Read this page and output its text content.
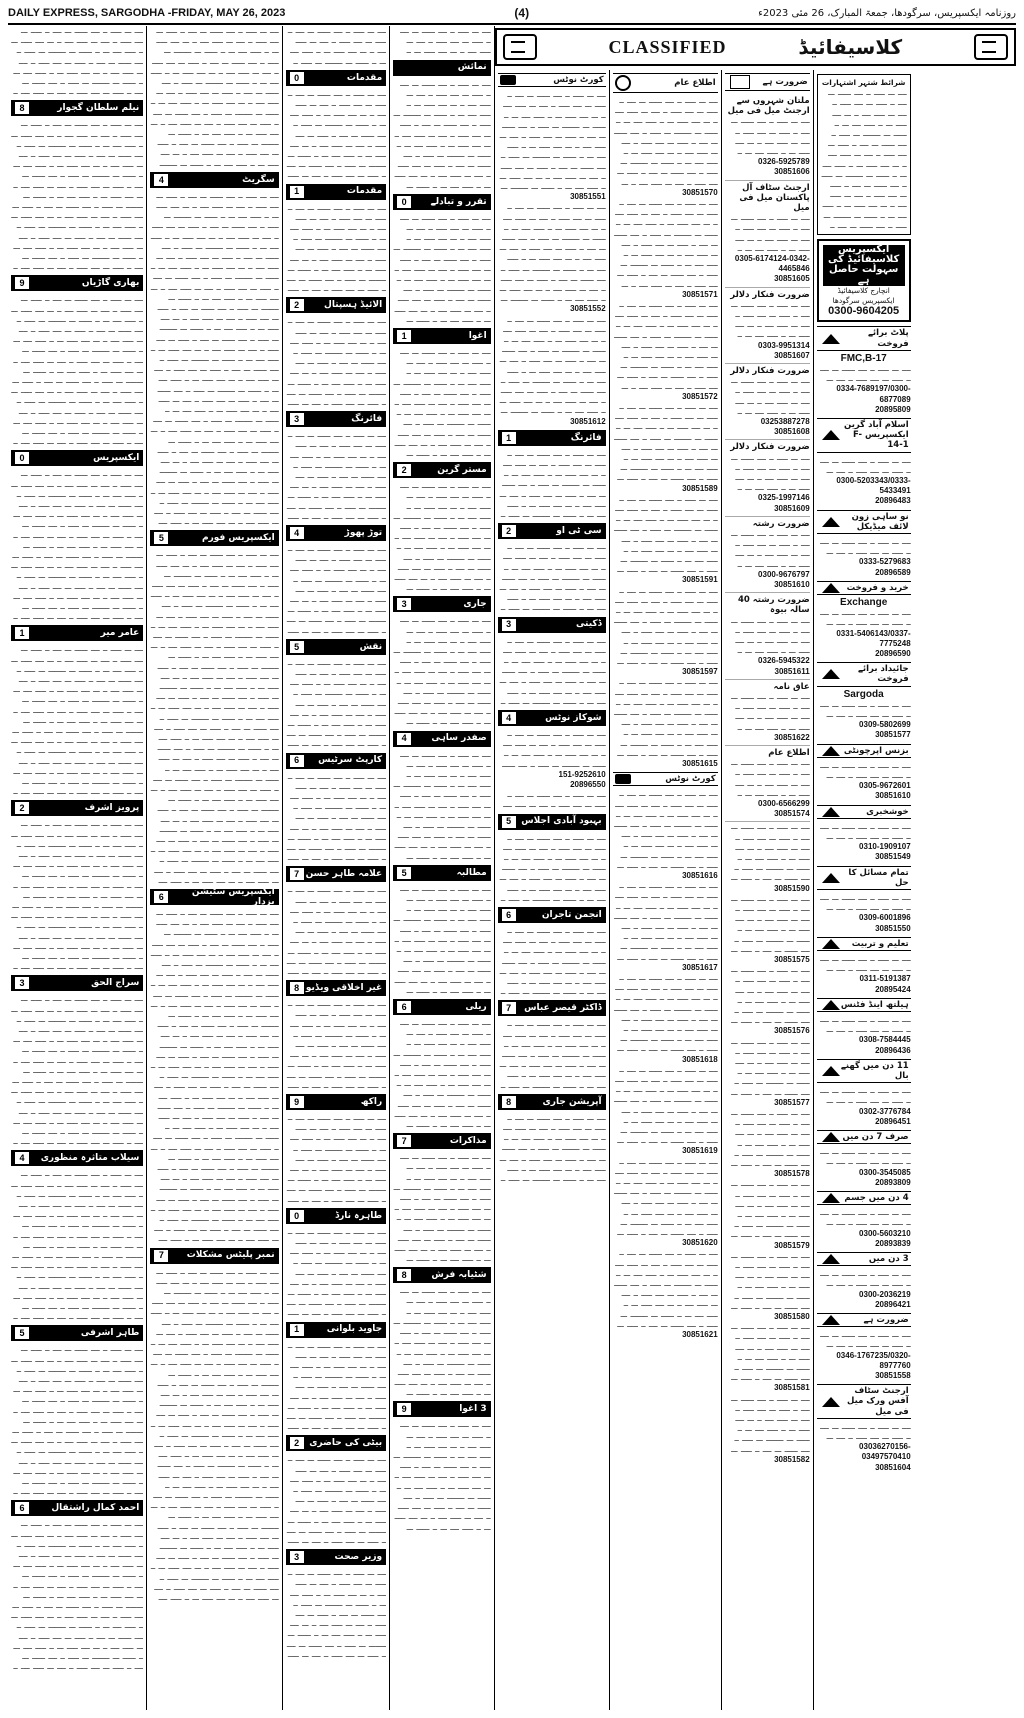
DAILY EXPRESS, SARGODHA -FRIDAY, MAY 26, 2023	(4)	روزنامہ ایکسپریس، سرگودھا، جمعۃ المبارک، 26 مئی 2023ء
ــــ ـــ ـــــ ــ ــــ ــــــ ـــ ــــ ــ ـــــ ـــ ــــ ـــــ ــ ــــ ـــ ـــــ ــــ ــ ـــ ــــ ـــــ ـــ ــ ـــــ ــــ ـــ ــ ــــــ ـــ ــــــــ ـــ ـــــ ــ ــــ ــــــ ـــ ــــ ــ ـــــ ـــ ــــ ـــــ ــ ــــ ـــ ـــــ ــــ ــ ـــ ــــ ـــــ ـــ ــ ـــــ ــــ ـــ ــ ــــــ ـــ ــــــــ ـــ ـــــ ــ ــــ ــــــ ـــ ــــ ــ ـــــ ـــ ــــ ـــــ ــ ــــ ـــ ـــــ ــــ ــ
نیلم سلطان گجوار
8
ــــ ـــ ـــــ ــ ــــ ــــــ ـــ ــــ ــ ـــــ ـــ ــــ ـــــ ــ ــــ ـــ ـــــ ــــ ــ ـــ ــــ ـــــ ـــ ــ ـــــ ــــ ـــ ــ ــــــ ـــ ــــــــ ـــ ـــــ ــ ــــ ــــــ ـــ ــــ ــ ـــــ ـــ ــــ ـــــ ــ ــــ ـــ ـــــ ــــ ــ ـــ ــــ ـــــ ـــ ــ ـــــ ــــ ـــ ــ ــــــ ـــ ــــــــ ـــ ـــــ ــ ــــ ــــــ ـــ ــــ ــ ـــــ ـــ ــــ ـــــ ــ ــــ ـــ ـــــ ــــ ــ ـــ ــــ ـــــ ـــ ــ ـــــ ــــ ـــ ــ ــــــ ـــ ــــــــ ـــ ـــــ ــ ــــ ــــــ ـــ ــــ ــ ـــــ ـــ ــــ ـــــ ــ ــــ ـــ ـــــ ــــ ــ ـــ ــــ ـــــ ـــ ــ ـــــ ــــ ـــ ــ ــــــ ـــ ــــــــ ـــ ـــــ ــ ــــ ــــــ ـــ ــــ ــ ـــــ ـــ ــــ ـــــ ــ ــــ ـــ ـــــ ــــ ــ ـــ ــــ ـــــ ـــ ــ ـــــ ــــ ـــ ــ ــــــ ـــ ــــــــ ـــ ـــــ ــ ــــ ــــــ ـــ ــــ ــ ـــــ ـــ ــــ ـــــ ــ ــــ ـــ ـــــ ــــ ــ
بھاری گاڑیاں
9
ــــ ـــ ـــــ ــ ــــ ــــــ ـــ ــــ ــ ـــــ ـــ ــــ ـــــ ــ ــــ ـــ ـــــ ــــ ــ ـــ ــــ ـــــ ـــ ــ ـــــ ــــ ـــ ــ ــــــ ـــ ــــــــ ـــ ـــــ ــ ــــ ــــــ ـــ ــــ ــ ـــــ ـــ ــــ ـــــ ــ ــــ ـــ ـــــ ــــ ــ ـــ ــــ ـــــ ـــ ــ ـــــ ــــ ـــ ــ ــــــ ـــ ــــــــ ـــ ـــــ ــ ــــ ــــــ ـــ ــــ ــ ـــــ ـــ ــــ ـــــ ــ ــــ ـــ ـــــ ــــ ــ ـــ ــــ ـــــ ـــ ــ ـــــ ــــ ـــ ــ ــــــ ـــ ــــــــ ـــ ـــــ ــ ــــ ــــــ ـــ ــــ ــ ـــــ ـــ ــــ ـــــ ــ ــــ ـــ ـــــ ــــ ــ ـــ ــــ ـــــ ـــ ــ ـــــ ــــ ـــ ــ ــــــ ـــ ــــــــ ـــ ـــــ ــ ــــ ــــــ ـــ ــــ ــ ـــــ ـــ ــــ ـــــ ــ ــــ ـــ ـــــ ــــ ــ ـــ ــــ ـــــ ـــ ــ ـــــ ــــ ـــ ــ ــــــ ـــ ــــــــ ـــ ـــــ ــ ــــ ــــــ ـــ ــــ ــ ـــــ ـــ ــــ ـــــ ــ ــــ ـــ ـــــ ــــ ــ
ایکسپریس
0
ــــ ـــ ـــــ ــ ــــ ــــــ ـــ ــــ ــ ـــــ ـــ ــــ ـــــ ــ ــــ ـــ ـــــ ــــ ــ ـــ ــــ ـــــ ـــ ــ ـــــ ــــ ـــ ــ ــــــ ـــ ــــــــ ـــ ـــــ ــ ــــ ــــــ ـــ ــــ ــ ـــــ ـــ ــــ ـــــ ــ ــــ ـــ ـــــ ــــ ــ ـــ ــــ ـــــ ـــ ــ ـــــ ــــ ـــ ــ ــــــ ـــ ــــــــ ـــ ـــــ ــ ــــ ــــــ ـــ ــــ ــ ـــــ ـــ ــــ ـــــ ــ ــــ ـــ ـــــ ــــ ــ ـــ ــــ ـــــ ـــ ــ ـــــ ــــ ـــ ــ ــــــ ـــ ــــــــ ـــ ـــــ ــ ــــ ــــــ ـــ ــــ ــ ـــــ ـــ ــــ ـــــ ــ ــــ ـــ ـــــ ــــ ــ ـــ ــــ ـــــ ـــ ــ ـــــ ــــ ـــ ــ ــــــ ـــ ــــــــ ـــ ـــــ ــ ــــ ــــــ ـــ ــــ ــ ـــــ ـــ ــــ ـــــ ــ ــــ ـــ ـــــ ــــ ــ ـــ ــــ ـــــ ـــ ــ ـــــ ــــ ـــ ــ ــــــ ـــ ــــــــ ـــ ـــــ ــ ــــ ــــــ ـــ ــــ ــ ـــــ ـــ ــــ ـــــ ــ ــــ ـــ ـــــ ــــ ــ
عامر میر
1
ــــ ـــ ـــــ ــ ــــ ــــــ ـــ ــــ ــ ـــــ ـــ ــــ ـــــ ــ ــــ ـــ ـــــ ــــ ــ ـــ ــــ ـــــ ـــ ــ ـــــ ــــ ـــ ــ ــــــ ـــ ــــــــ ـــ ـــــ ــ ــــ ــــــ ـــ ــــ ــ ـــــ ـــ ــــ ـــــ ــ ــــ ـــ ـــــ ــــ ــ ـــ ــــ ـــــ ـــ ــ ـــــ ــــ ـــ ــ ــــــ ـــ ــــــــ ـــ ـــــ ــ ــــ ــــــ ـــ ــــ ــ ـــــ ـــ ــــ ـــــ ــ ــــ ـــ ـــــ ــــ ــ ـــ ــــ ـــــ ـــ ــ ـــــ ــــ ـــ ــ ــــــ ـــ ــــــــ ـــ ـــــ ــ ــــ ــــــ ـــ ــــ ــ ـــــ ـــ ــــ ـــــ ــ ــــ ـــ ـــــ ــــ ــ ـــ ــــ ـــــ ـــ ــ ـــــ ــــ ـــ ــ ــــــ ـــ ــــــــ ـــ ـــــ ــ ــــ ــــــ ـــ ــــ ــ ـــــ ـــ ــــ ـــــ ــ ــــ ـــ ـــــ ــــ ــ ـــ ــــ ـــــ ـــ ــ ـــــ ــــ ـــ ــ ــــــ ـــ ــــــــ ـــ ـــــ ــ ــــ ــــــ ـــ ــــ ــ ـــــ ـــ ــــ ـــــ ــ ــــ ـــ ـــــ ــــ ــ
پرویز اشرف
2
ــــ ـــ ـــــ ــ ــــ ــــــ ـــ ــــ ــ ـــــ ـــ ــــ ـــــ ــ ــــ ـــ ـــــ ــــ ــ ـــ ــــ ـــــ ـــ ــ ـــــ ــــ ـــ ــ ــــــ ـــ ــــــــ ـــ ـــــ ــ ــــ ــــــ ـــ ــــ ــ ـــــ ـــ ــــ ـــــ ــ ــــ ـــ ـــــ ــــ ــ ـــ ــــ ـــــ ـــ ــ ـــــ ــــ ـــ ــ ــــــ ـــ ــــــــ ـــ ـــــ ــ ــــ ــــــ ـــ ــــ ــ ـــــ ـــ ــــ ـــــ ــ ــــ ـــ ـــــ ــــ ــ ـــ ــــ ـــــ ـــ ــ ـــــ ــــ ـــ ــ ــــــ ـــ ــــــــ ـــ ـــــ ــ ــــ ــــــ ـــ ــــ ــ ـــــ ـــ ــــ ـــــ ــ ــــ ـــ ـــــ ــــ ــ ـــ ــــ ـــــ ـــ ــ ـــــ ــــ ـــ ــ ــــــ ـــ ــــــــ ـــ ـــــ ــ ــــ ــــــ ـــ ــــ ــ ـــــ ـــ ــــ ـــــ ــ ــــ ـــ ـــــ ــــ ــ ـــ ــــ ـــــ ـــ ــ ـــــ ــــ ـــ ــ ــــــ ـــ ــــــــ ـــ ـــــ ــ ــــ ــــــ ـــ ــــ ــ ـــــ ـــ ــــ ـــــ ــ ــــ ـــ ـــــ ــــ ــ
سراج الحق
3
ــــ ـــ ـــــ ــ ــــ ــــــ ـــ ــــ ــ ـــــ ـــ ــــ ـــــ ــ ــــ ـــ ـــــ ــــ ــ ـــ ــــ ـــــ ـــ ــ ـــــ ــــ ـــ ــ ــــــ ـــ ــــــــ ـــ ـــــ ــ ــــ ــــــ ـــ ــــ ــ ـــــ ـــ ــــ ـــــ ــ ــــ ـــ ـــــ ــــ ــ ـــ ــــ ـــــ ـــ ــ ـــــ ــــ ـــ ــ ــــــ ـــ ــــــــ ـــ ـــــ ــ ــــ ــــــ ـــ ــــ ــ ـــــ ـــ ــــ ـــــ ــ ــــ ـــ ـــــ ــــ ــ ـــ ــــ ـــــ ـــ ــ ـــــ ــــ ـــ ــ ــــــ ـــ ــــــــ ـــ ـــــ ــ ــــ ــــــ ـــ ــــ ــ ـــــ ـــ ــــ ـــــ ــ ــــ ـــ ـــــ ــــ ــ ـــ ــــ ـــــ ـــ ــ ـــــ ــــ ـــ ــ ــــــ ـــ ــــــــ ـــ ـــــ ــ ــــ ــــــ ـــ ــــ ــ ـــــ ـــ ــــ ـــــ ــ ــــ ـــ ـــــ ــــ ــ ـــ ــــ ـــــ ـــ ــ ـــــ ــــ ـــ ــ ــــــ ـــ ــــــــ ـــ ـــــ ــ ــــ ــــــ ـــ ــــ ــ ـــــ ـــ ــــ ـــــ ــ ــــ ـــ ـــــ ــــ ــ
سیلاب متاثرہ منظوری
4
ــــ ـــ ـــــ ــ ــــ ــــــ ـــ ــــ ــ ـــــ ـــ ــــ ـــــ ــ ــــ ـــ ـــــ ــــ ــ ـــ ــــ ـــــ ـــ ــ ـــــ ــــ ـــ ــ ــــــ ـــ ــــــــ ـــ ـــــ ــ ــــ ــــــ ـــ ــــ ــ ـــــ ـــ ــــ ـــــ ــ ــــ ـــ ـــــ ــــ ــ ـــ ــــ ـــــ ـــ ــ ـــــ ــــ ـــ ــ ــــــ ـــ ــــــــ ـــ ـــــ ــ ــــ ــــــ ـــ ــــ ــ ـــــ ـــ ــــ ـــــ ــ ــــ ـــ ـــــ ــــ ــ ـــ ــــ ـــــ ـــ ــ ـــــ ــــ ـــ ــ ــــــ ـــ ــــــــ ـــ ـــــ ــ ــــ ــــــ ـــ ــــ ــ ـــــ ـــ ــــ ـــــ ــ ــــ ـــ ـــــ ــــ ــ ـــ ــــ ـــــ ـــ ــ ـــــ ــــ ـــ ــ ــــــ ـــ ــــــــ ـــ ـــــ ــ ــــ ــــــ ـــ ــــ ــ ـــــ ـــ ــــ ـــــ ــ ــــ ـــ ـــــ ــــ ــ ـــ ــــ ـــــ ـــ ــ ـــــ ــــ ـــ ــ ــــــ ـــ ــــــــ ـــ ـــــ ــ ــــ ــــــ ـــ ــــ ــ ـــــ ـــ ــــ ـــــ ــ ــــ ـــ ـــــ ــــ ــ
طاہر اشرفی
5
ــــ ـــ ـــــ ــ ــــ ــــــ ـــ ــــ ــ ـــــ ـــ ــــ ـــــ ــ ــــ ـــ ـــــ ــــ ــ ـــ ــــ ـــــ ـــ ــ ـــــ ــــ ـــ ــ ــــــ ـــ ــــــــ ـــ ـــــ ــ ــــ ــــــ ـــ ــــ ــ ـــــ ـــ ــــ ـــــ ــ ــــ ـــ ـــــ ــــ ــ ـــ ــــ ـــــ ـــ ــ ـــــ ــــ ـــ ــ ــــــ ـــ ــــــــ ـــ ـــــ ــ ــــ ــــــ ـــ ــــ ــ ـــــ ـــ ــــ ـــــ ــ ــــ ـــ ـــــ ــــ ــ ـــ ــــ ـــــ ـــ ــ ـــــ ــــ ـــ ــ ــــــ ـــ ــــــــ ـــ ـــــ ــ ــــ ــــــ ـــ ــــ ــ ـــــ ـــ ــــ ـــــ ــ ــــ ـــ ـــــ ــــ ــ ـــ ــــ ـــــ ـــ ــ ـــــ ــــ ـــ ــ ــــــ ـــ ــــــــ ـــ ـــــ ــ ــــ ــــــ ـــ ــــ ــ ـــــ ـــ ــــ ـــــ ــ ــــ ـــ ـــــ ــــ ــ ـــ ــــ ـــــ ـــ ــ ـــــ ــــ ـــ ــ ــــــ ـــ ــــــــ ـــ ـــــ ــ ــــ ــــــ ـــ ــــ ــ ـــــ ـــ ــــ ـــــ ــ ــــ ـــ ـــــ ــــ ــ
احمد کمال راشتقال
6
ــــ ـــ ـــــ ــ ــــ ــــــ ـــ ــــ ــ ـــــ ـــ ــــ ـــــ ــ ــــ ـــ ـــــ ــــ ــ ـــ ــــ ـــــ ـــ ــ ـــــ ــــ ـــ ــ ــــــ ـــ ــــــــ ـــ ـــــ ــ ــــ ــــــ ـــ ــــ ــ ـــــ ـــ ــــ ـــــ ــ ــــ ـــ ـــــ ــــ ــ ـــ ــــ ـــــ ـــ ــ ـــــ ــــ ـــ ــ ــــــ ـــ ــــــــ ـــ ـــــ ــ ــــ ــــــ ـــ ــــ ــ ـــــ ـــ ــــ ـــــ ــ ــــ ـــ ـــــ ــــ ــ ـــ ــــ ـــــ ـــ ــ ـــــ ــــ ـــ ــ ــــــ ـــ ــــــــ ـــ ـــــ ــ ــــ ــــــ ـــ ــــ ــ ـــــ ـــ ــــ ـــــ ــ ــــ ـــ ـــــ ــــ ــ ـــ ــــ ـــــ ـــ ــ ـــــ ــــ ـــ ــ ــــــ ـــ ــــــــ ـــ ـــــ ــ ــــ ــــــ ـــ ــــ ــ ـــــ ـــ ــــ ـــــ ــ ــــ ـــ ـــــ ــــ ــ ـــ ــــ ـــــ ـــ ــ ـــــ ــــ ـــ ــ ــــــ ـــ ــــــــ ـــ ـــــ ــ ــــ ــــــ ـــ ــــ ــ ـــــ ـــ ــــ ـــــ ــ ــــ ـــ ـــــ ــــ ــ
ــــ ـــ ـــــ ــ ــــ ــــــ ـــ ــــ ــ ـــــ ـــ ــــ ـــــ ــ ــــ ـــ ـــــ ــــ ــ ـــ ــــ ـــــ ـــ ــ ـــــ ــــ ـــ ــ ــــــ ـــ ــــــــ ـــ ـــــ ــ ــــ ــــــ ـــ ــــ ــ ـــــ ـــ ــــ ـــــ ــ ــــ ـــ ـــــ ــــ ــ ـــ ــــ ـــــ ـــ ــ ـــــ ــــ ـــ ــ ــــــ ـــ ــــــــ ـــ ـــــ ــ ــــ ــــــ ـــ ــــ ــ ـــــ ـــ ــــ ـــــ ــ ــــ ـــ ـــــ ــــ ــ ـــ ــــ ـــــ ـــ ــ ـــــ ــــ ـــ ــ ــــــ ـــ ــــــــ ـــ ـــــ ــ ــــ ــــــ ـــ ــــ ــ ـــــ ـــ ــــ ـــــ ــ ــــ ـــ ـــــ ــــ ــ ـــ ــــ ـــــ ـــ ــ ـــــ ــــ ـــ ــ ــــــ ـــ ــــــــ ـــ ـــــ ــ ــــ ــــــ ـــ ــــ ــ ـــــ ـــ ــــ ـــــ ــ ــــ ـــ ـــــ ــــ ــ ـــ ــــ ـــــ ـــ ــ ـــــ ــــ ـــ ــ ــــــ ـــ ــــــــ
سگریٹ
4
ــــ ـــ ـــــ ــ ــــ ــــــ ـــ ــــ ــ ـــــ ـــ ــــ ـــــ ــ ــــ ـــ ـــــ ــــ ــ ـــ ــــ ـــــ ـــ ــ ـــــ ــــ ـــ ــ ــــــ ـــ ــــــــ ـــ ـــــ ــ ــــ ــــــ ـــ ــــ ــ ـــــ ـــ ــــ ـــــ ــ ــــ ـــ ـــــ ــــ ــ ـــ ــــ ـــــ ـــ ــ ـــــ ــــ ـــ ــ ــــــ ـــ ــــــــ ـــ ـــــ ــ ــــ ــــــ ـــ ــــ ــ ـــــ ـــ ــــ ـــــ ــ ــــ ـــ ـــــ ــــ ــ ـــ ــــ ـــــ ـــ ــ ـــــ ــــ ـــ ــ ــــــ ـــ ــــــــ ـــ ـــــ ــ ــــ ــــــ ـــ ــــ ــ ـــــ ـــ ــــ ـــــ ــ ــــ ـــ ـــــ ــــ ــ ـــ ــــ ـــــ ـــ ــ ـــــ ــــ ـــ ــ ــــــ ـــ ــــــــ ـــ ـــــ ــ ــــ ــــــ ـــ ــــ ــ ـــــ ـــ ــــ ـــــ ــ ــــ ـــ ـــــ ــــ ــ ـــ ــــ ـــــ ـــ ــ ـــــ ــــ ـــ ــ ــــــ ـــ ــــــــ ـــ ـــــ ــ ــــ ــــــ ـــ ــــ ــ ـــــ ـــ ــــ ـــــ ــ ــــ ـــ ـــــ ــــ ــ ـــ ــــ ـــــ ـــ ــ ـــــ ــــ ـــ ــ ــــــ ـــ ــــــــ ـــ ـــــ ــ ــــ ــــــ ـــ ــــ ــ ـــــ ـــ ــــ ـــــ ــ ــــ ـــ ـــــ ــــ ــ ـــ ــــ ـــــ ـــ ــ ـــــ ــــ ـــ ــ ــــــ ـــ ــــــــ ـــ ـــــ ــ ــــ ــــــ ـــ ــــ ــ ـــــ ـــ ــــ ـــــ ــ ــــ ـــ ـــــ ــــ ــ ـــ ــــ ـــــ ـــ ــ ـــــ ــــ ـــ ــ ــــــ ـــ ــــــــ ـــ ـــــ ــ ــــ ــــــ ـــ ــــ ــ ـــــ ـــ ــــ ـــــ ــ ــــ ـــ ـــــ ــــ ــ ـــ ــــ ـــــ ـــ ــ ـــــ ــــ ـــ ــ ــــــ ـــ ــــــــ ـــ ـــــ ــ ــــ ــــــ ـــ ــــ ــ ـــــ ـــ ــــ ـــــ ــ ــــ ـــ ـــــ ــــ ــ ـــ ــــ ـــــ ـــ ــ ـــــ ــــ ـــ ــ ــــــ ـــ ــــــــ ـــ ـــــ ــ ــــ ــــــ ـــ ــــ ــ ـــــ ـــ ــــ ـــــ ــ ــــ ـــ ـــــ ــــ ــ ـــ ــــ ـــــ ـــ ــ ـــــ ــــ ـــ ــ ــــــ ـــ ــــــــ ـــ ـــــ ــ ــــ ــــــ ـــ ــــ ــ ـــــ ـــ ــــ ـــــ ــ ــــ ـــ ـــــ ــــ ــ ـــ ــــ ـــــ ـــ ــ ـــــ ــــ
ایکسپریس فورم
5
ــــ ـــ ـــــ ــ ــــ ــــــ ـــ ــــ ــ ـــــ ـــ ــــ ـــــ ــ ــــ ـــ ـــــ ــــ ــ ـــ ــــ ـــــ ـــ ــ ـــــ ــــ ـــ ــ ــــــ ـــ ــــــــ ـــ ـــــ ــ ــــ ــــــ ـــ ــــ ــ ـــــ ـــ ــــ ـــــ ــ ــــ ـــ ـــــ ــــ ــ ـــ ــــ ـــــ ـــ ــ ـــــ ــــ ـــ ــ ــــــ ـــ ــــــــ ـــ ـــــ ــ ــــ ــــــ ـــ ــــ ــ ـــــ ـــ ــــ ـــــ ــ ــــ ـــ ـــــ ــــ ــ ـــ ــــ ـــــ ـــ ــ ـــــ ــــ ـــ ــ ــــــ ـــ ــــــــ ـــ ـــــ ــ ــــ ــــــ ـــ ــــ ــ ـــــ ـــ ــــ ـــــ ــ ــــ ـــ ـــــ ــــ ــ ـــ ــــ ـــــ ـــ ــ ـــــ ــــ ـــ ــ ــــــ ـــ ــــــــ ـــ ـــــ ــ ــــ ــــــ ـــ ــــ ــ ـــــ ـــ ــــ ـــــ ــ ــــ ـــ ـــــ ــــ ــ ـــ ــــ ـــــ ـــ ــ ـــــ ــــ ـــ ــ ــــــ ـــ ــــــــ ـــ ـــــ ــ ــــ ــــــ ـــ ــــ ــ ـــــ ـــ ــــ ـــــ ــ ــــ ـــ ـــــ ــــ ــ ـــ ــــ ـــــ ـــ ــ ـــــ ــــ ـــ ــ ــــــ ـــ ــــــــ ـــ ـــــ ــ ــــ ــــــ ـــ ــــ ــ ـــــ ـــ ــــ ـــــ ــ ــــ ـــ ـــــ ــــ ــ ـــ ــــ ـــــ ـــ ــ ـــــ ــــ ـــ ــ ــــــ ـــ ــــــــ ـــ ـــــ ــ ــــ ــــــ ـــ ــــ ــ ـــــ ـــ ــــ ـــــ ــ ــــ ـــ ـــــ ــــ ــ ـــ ــــ ـــــ ـــ ــ ـــــ ــــ ـــ ــ ــــــ ـــ ــــــــ ـــ ـــــ ــ ــــ ــــــ ـــ ــــ ــ ـــــ ـــ ــــ ـــــ ــ ــــ ـــ ـــــ ــــ ــ ـــ ــــ ـــــ ـــ ــ ـــــ ــــ ـــ ــ ــــــ ـــ ــــــــ ـــ ـــــ ــ ــــ ــــــ ـــ ــــ ــ ـــــ ـــ ــــ ـــــ ــ ــــ ـــ ـــــ ــــ ــ ـــ ــــ ـــــ ـــ ــ ـــــ ــــ ـــ ــ ــــــ ـــ ــــــــ ـــ ـــــ ــ ــــ ــــــ ـــ ــــ ــ ـــــ ـــ ــــ ـــــ ــ ــــ ـــ ـــــ ــــ ــ ـــ ــــ ـــــ ـــ ــ ـــــ ــــ ـــ ــ ــــــ ـــ ــــــــ ـــ ـــــ ــ ــــ ــــــ ـــ ــــ ــ ـــــ ـــ ــــ ـــــ ــ ــــ ـــ ـــــ ــــ ــ ـــ ــــ ـــــ ـــ ــ ـــــ ــــ
ایکسپریس سٹیشن بزدار
6
ــــ ـــ ـــــ ــ ــــ ــــــ ـــ ــــ ــ ـــــ ـــ ــــ ـــــ ــ ــــ ـــ ـــــ ــــ ــ ـــ ــــ ـــــ ـــ ــ ـــــ ــــ ـــ ــ ــــــ ـــ ــــــــ ـــ ـــــ ــ ــــ ــــــ ـــ ــــ ــ ـــــ ـــ ــــ ـــــ ــ ــــ ـــ ـــــ ــــ ــ ـــ ــــ ـــــ ـــ ــ ـــــ ــــ ـــ ــ ــــــ ـــ ــــــــ ـــ ـــــ ــ ــــ ــــــ ـــ ــــ ــ ـــــ ـــ ــــ ـــــ ــ ــــ ـــ ـــــ ــــ ــ ـــ ــــ ـــــ ـــ ــ ـــــ ــــ ـــ ــ ــــــ ـــ ــــــــ ـــ ـــــ ــ ــــ ــــــ ـــ ــــ ــ ـــــ ـــ ــــ ـــــ ــ ــــ ـــ ـــــ ــــ ــ ـــ ــــ ـــــ ـــ ــ ـــــ ــــ ـــ ــ ــــــ ـــ ــــــــ ـــ ـــــ ــ ــــ ــــــ ـــ ــــ ــ ـــــ ـــ ــــ ـــــ ــ ــــ ـــ ـــــ ــــ ــ ـــ ــــ ـــــ ـــ ــ ـــــ ــــ ـــ ــ ــــــ ـــ ــــــــ ـــ ـــــ ــ ــــ ــــــ ـــ ــــ ــ ـــــ ـــ ــــ ـــــ ــ ــــ ـــ ـــــ ــــ ــ ـــ ــــ ـــــ ـــ ــ ـــــ ــــ ـــ ــ ــــــ ـــ ــــــــ ـــ ـــــ ــ ــــ ــــــ ـــ ــــ ــ ـــــ ـــ ــــ ـــــ ــ ــــ ـــ ـــــ ــــ ــ ـــ ــــ ـــــ ـــ ــ ـــــ ــــ ـــ ــ ــــــ ـــ ــــــــ ـــ ـــــ ــ ــــ ــــــ ـــ ــــ ــ ـــــ ـــ ــــ ـــــ ــ ــــ ـــ ـــــ ــــ ــ ـــ ــــ ـــــ ـــ ــ ـــــ ــــ ـــ ــ ــــــ ـــ ــــــــ ـــ ـــــ ــ ــــ ــــــ ـــ ــــ ــ ـــــ ـــ ــــ ـــــ ــ ــــ ـــ ـــــ ــــ ــ ـــ ــــ ـــــ ـــ ــ ـــــ ــــ ـــ ــ ــــــ ـــ ــــــــ ـــ ـــــ ــ ــــ ــــــ ـــ ــــ ــ ـــــ ـــ ــــ ـــــ ــ ــــ ـــ ـــــ ــــ ــ ـــ ــــ ـــــ ـــ ــ ـــــ ــــ ـــ ــ ــــــ ـــ ــــــــ ـــ ـــــ ــ ــــ ــــــ ـــ ــــ ــ ـــــ ـــ ــــ ـــــ ــ ــــ ـــ ـــــ ــــ ــ ـــ ــــ ـــــ ـــ ــ ـــــ ــــ ـــ ــ ــــــ ـــ ــــــــ ـــ ـــــ ــ ــــ ــــــ ـــ ــــ ــ ـــــ ـــ ــــ ـــــ ــ ــــ ـــ ـــــ ــــ ــ ـــ ــــ ـــــ ـــ ــ ـــــ ــــ
نمبر پلیٹس مشکلات
7
ــــ ـــ ـــــ ــ ــــ ــــــ ـــ ــــ ــ ـــــ ـــ ــــ ـــــ ــ ــــ ـــ ـــــ ــــ ــ ـــ ــــ ـــــ ـــ ــ ـــــ ــــ ـــ ــ ــــــ ـــ ــــــــ ـــ ـــــ ــ ــــ ــــــ ـــ ــــ ــ ـــــ ـــ ــــ ـــــ ــ ــــ ـــ ـــــ ــــ ــ ـــ ــــ ـــــ ـــ ــ ـــــ ــــ ـــ ــ ــــــ ـــ ــــــــ ـــ ـــــ ــ ــــ ــــــ ـــ ــــ ــ ـــــ ـــ ــــ ـــــ ــ ــــ ـــ ـــــ ــــ ــ ـــ ــــ ـــــ ـــ ــ ـــــ ــــ ـــ ــ ــــــ ـــ ــــــــ ـــ ـــــ ــ ــــ ــــــ ـــ ــــ ــ ـــــ ـــ ــــ ـــــ ــ ــــ ـــ ـــــ ــــ ــ ـــ ــــ ـــــ ـــ ــ ـــــ ــــ ـــ ــ ــــــ ـــ ــــــــ ـــ ـــــ ــ ــــ ــــــ ـــ ــــ ــ ـــــ ـــ ــــ ـــــ ــ ــــ ـــ ـــــ ــــ ــ ـــ ــــ ـــــ ـــ ــ ـــــ ــــ ـــ ــ ــــــ ـــ ــــــــ ـــ ـــــ ــ ــــ ــــــ ـــ ــــ ــ ـــــ ـــ ــــ ـــــ ــ ــــ ـــ ـــــ ــــ ــ ـــ ــــ ـــــ ـــ ــ ـــــ ــــ ـــ ــ ــــــ ـــ ــــــــ ـــ ـــــ ــ ــــ ــــــ ـــ ــــ ــ ـــــ ـــ ــــ ـــــ ــ ــــ ـــ ـــــ ــــ ــ ـــ ــــ ـــــ ـــ ــ ـــــ ــــ ـــ ــ ــــــ ـــ ــــــــ ـــ ـــــ ــ ــــ ــــــ ـــ ــــ ــ ـــــ ـــ ــــ ـــــ ــ ــــ ـــ ـــــ ــــ ــ ـــ ــــ ـــــ ـــ ــ ـــــ ــــ ـــ ــ ــــــ ـــ ــــــــ ـــ ـــــ ــ ــــ ــــــ ـــ ــــ ــ ـــــ ـــ ــــ ـــــ ــ ــــ ـــ ـــــ ــــ ــ ـــ ــــ ـــــ ـــ ــ ـــــ ــــ ـــ ــ ــــــ ـــ ــــــــ ـــ ـــــ ــ ــــ ــــــ ـــ ــــ ــ ـــــ ـــ ــــ ـــــ ــ ــــ ـــ ـــــ ــــ ــ ـــ ــــ ـــــ ـــ ــ ـــــ ــــ ـــ ــ ــــــ ـــ ــــــــ ـــ ـــــ ــ ــــ ــــــ ـــ ــــ ــ ـــــ ـــ ــــ ـــــ ــ ــــ ـــ ـــــ ــــ ــ ـــ ــــ ـــــ ـــ ــ ـــــ ــــ ـــ ــ ــــــ ـــ ــــــــ ـــ ـــــ ــ ــــ ــــــ ـــ ــــ ــ ـــــ ـــ ــــ ـــــ ــ ــــ ـــ ـــــ ــــ ــ ـــ ــــ ـــــ ـــ ــ ـــــ ــــ
ــــ ـــ ـــــ ــ ــــ ــــــ ـــ ــــ ــ ـــــ ـــ ــــ ـــــ ــ ــــ ـــ ـــــ ــــ ــ ـــ ــــ ـــــ ـــ ــ ـــــ ــــ ـــ ــ ــــــ ـــ ــــــــ ـــ ـــــ ــ
مقدمات
0
ــــ ـــ ـــــ ــ ــــ ــــــ ـــ ــــ ــ ـــــ ـــ ــــ ـــــ ــ ــــ ـــ ـــــ ــــ ــ ـــ ــــ ـــــ ـــ ــ ـــــ ــــ ـــ ــ ــــــ ـــ ــــــــ ـــ ـــــ ــ ــــ ــــــ ـــ ــــ ــ ـــــ ـــ ــــ ـــــ ــ ــــ ـــ ـــــ ــــ ــ ـــ ــــ ـــــ ـــ ــ ـــــ ــــ ـــ ــ ــــــ ـــ ــــــــ ـــ ـــــ ــ ــــ ــــــ ـــ ــــ ــ ـــــ ـــ ــــ ـــــ ــ ــــ ـــ ـــــ
مقدمات
1
ــــ ـــ ـــــ ــ ــــ ــــــ ـــ ــــ ــ ـــــ ـــ ــــ ـــــ ــ ــــ ـــ ـــــ ــــ ــ ـــ ــــ ـــــ ـــ ــ ـــــ ــــ ـــ ــ ــــــ ـــ ــــــــ ـــ ـــــ ــ ــــ ــــــ ـــ ــــ ــ ـــــ ـــ ــــ ـــــ ــ ــــ ـــ ـــــ ــــ ــ ـــ ــــ ـــــ ـــ ــ ـــــ ــــ ـــ ــ ــــــ ـــ ــــــــ ـــ ـــــ ــ ــــ ــــــ ـــ ــــ ــ ـــــ ـــ ــــ ـــــ ــ ــــ ـــ ـــــ
الائیڈ ہسپتال
2
ــــ ـــ ـــــ ــ ــــ ــــــ ـــ ــــ ــ ـــــ ـــ ــــ ـــــ ــ ــــ ـــ ـــــ ــــ ــ ـــ ــــ ـــــ ـــ ــ ـــــ ــــ ـــ ــ ــــــ ـــ ــــــــ ـــ ـــــ ــ ــــ ــــــ ـــ ــــ ــ ـــــ ـــ ــــ ـــــ ــ ــــ ـــ ـــــ ــــ ــ ـــ ــــ ـــــ ـــ ــ ـــــ ــــ ـــ ــ ــــــ ـــ ــــــــ ـــ ـــــ ــ ــــ ــــــ ـــ ــــ ــ ـــــ ـــ ــــ ـــــ ــ ــــ ـــ ـــــ
فائرنگ
3
ــــ ـــ ـــــ ــ ــــ ــــــ ـــ ــــ ــ ـــــ ـــ ــــ ـــــ ــ ــــ ـــ ـــــ ــــ ــ ـــ ــــ ـــــ ـــ ــ ـــــ ــــ ـــ ــ ــــــ ـــ ــــــــ ـــ ـــــ ــ ــــ ــــــ ـــ ــــ ــ ـــــ ـــ ــــ ـــــ ــ ــــ ـــ ـــــ ــــ ــ ـــ ــــ ـــــ ـــ ــ ـــــ ــــ ـــ ــ ــــــ ـــ ــــــــ ـــ ـــــ ــ ــــ ــــــ ـــ ــــ ــ ـــــ ـــ ــــ ـــــ ــ ــــ ـــ ـــــ
توڑ پھوڑ
4
ــــ ـــ ـــــ ــ ــــ ــــــ ـــ ــــ ــ ـــــ ـــ ــــ ـــــ ــ ــــ ـــ ـــــ ــــ ــ ـــ ــــ ـــــ ـــ ــ ـــــ ــــ ـــ ــ ــــــ ـــ ــــــــ ـــ ـــــ ــ ــــ ــــــ ـــ ــــ ــ ـــــ ـــ ــــ ـــــ ــ ــــ ـــ ـــــ ــــ ــ ـــ ــــ ـــــ ـــ ــ ـــــ ــــ ـــ ــ ــــــ ـــ ــــــــ ـــ ـــــ ــ ــــ ــــــ ـــ ــــ ــ ـــــ ـــ ــــ ـــــ ــ ــــ ـــ ـــــ
نقش
5
ــــ ـــ ـــــ ــ ــــ ــــــ ـــ ــــ ــ ـــــ ـــ ــــ ـــــ ــ ــــ ـــ ـــــ ــــ ــ ـــ ــــ ـــــ ـــ ــ ـــــ ــــ ـــ ــ ــــــ ـــ ــــــــ ـــ ـــــ ــ ــــ ــــــ ـــ ــــ ــ ـــــ ـــ ــــ ـــــ ــ ــــ ـــ ـــــ ــــ ــ ـــ ــــ ـــــ ـــ ــ ـــــ ــــ ـــ ــ ــــــ ـــ ــــــــ ـــ ـــــ ــ ــــ ــــــ ـــ ــــ ــ ـــــ ـــ ــــ ـــــ ــ ــــ ـــ ـــــ
کارپٹ سرٹیس
6
ــــ ـــ ـــــ ــ ــــ ــــــ ـــ ــــ ــ ـــــ ـــ ــــ ـــــ ــ ــــ ـــ ـــــ ــــ ــ ـــ ــــ ـــــ ـــ ــ ـــــ ــــ ـــ ــ ــــــ ـــ ــــــــ ـــ ـــــ ــ ــــ ــــــ ـــ ــــ ــ ـــــ ـــ ــــ ـــــ ــ ــــ ـــ ـــــ ــــ ــ ـــ ــــ ـــــ ـــ ــ ـــــ ــــ ـــ ــ ــــــ ـــ ــــــــ ـــ ـــــ ــ ــــ ــــــ ـــ ــــ ــ ـــــ ـــ ــــ ـــــ ــ ــــ ـــ ـــــ
علامہ طاہر حسن
7
ــــ ـــ ـــــ ــ ــــ ــــــ ـــ ــــ ــ ـــــ ـــ ــــ ـــــ ــ ــــ ـــ ـــــ ــــ ــ ـــ ــــ ـــــ ـــ ــ ـــــ ــــ ـــ ــ ــــــ ـــ ــــــــ ـــ ـــــ ــ ــــ ــــــ ـــ ــــ ــ ـــــ ـــ ــــ ـــــ ــ ــــ ـــ ـــــ ــــ ــ ـــ ــــ ـــــ ـــ ــ ـــــ ــــ ـــ ــ ــــــ ـــ ــــــــ ـــ ـــــ ــ ــــ ــــــ ـــ ــــ ــ ـــــ ـــ ــــ ـــــ ــ ــــ ـــ ـــــ
غیر اخلاقی ویڈیو
8
ــــ ـــ ـــــ ــ ــــ ــــــ ـــ ــــ ــ ـــــ ـــ ــــ ـــــ ــ ــــ ـــ ـــــ ــــ ــ ـــ ــــ ـــــ ـــ ــ ـــــ ــــ ـــ ــ ــــــ ـــ ــــــــ ـــ ـــــ ــ ــــ ــــــ ـــ ــــ ــ ـــــ ـــ ــــ ـــــ ــ ــــ ـــ ـــــ ــــ ــ ـــ ــــ ـــــ ـــ ــ ـــــ ــــ ـــ ــ ــــــ ـــ ــــــــ ـــ ـــــ ــ ــــ ــــــ ـــ ــــ ــ ـــــ ـــ ــــ ـــــ ــ ــــ ـــ ـــــ
راکھ
9
ــــ ـــ ـــــ ــ ــــ ــــــ ـــ ــــ ــ ـــــ ـــ ــــ ـــــ ــ ــــ ـــ ـــــ ــــ ــ ـــ ــــ ـــــ ـــ ــ ـــــ ــــ ـــ ــ ــــــ ـــ ــــــــ ـــ ـــــ ــ ــــ ــــــ ـــ ــــ ــ ـــــ ـــ ــــ ـــــ ــ ــــ ـــ ـــــ ــــ ــ ـــ ــــ ـــــ ـــ ــ ـــــ ــــ ـــ ــ ــــــ ـــ ــــــــ ـــ ـــــ ــ ــــ ــــــ ـــ ــــ ــ ـــــ ـــ ــــ ـــــ ــ ــــ ـــ ـــــ
طاہرہ نارڈ
0
ــــ ـــ ـــــ ــ ــــ ــــــ ـــ ــــ ــ ـــــ ـــ ــــ ـــــ ــ ــــ ـــ ـــــ ــــ ــ ـــ ــــ ـــــ ـــ ــ ـــــ ــــ ـــ ــ ــــــ ـــ ــــــــ ـــ ـــــ ــ ــــ ــــــ ـــ ــــ ــ ـــــ ـــ ــــ ـــــ ــ ــــ ـــ ـــــ ــــ ــ ـــ ــــ ـــــ ـــ ــ ـــــ ــــ ـــ ــ ــــــ ـــ ــــــــ ـــ ـــــ ــ ــــ ــــــ ـــ ــــ ــ ـــــ ـــ ــــ ـــــ ــ ــــ ـــ ـــــ
جاوید بلوانی
1
ــــ ـــ ـــــ ــ ــــ ــــــ ـــ ــــ ــ ـــــ ـــ ــــ ـــــ ــ ــــ ـــ ـــــ ــــ ــ ـــ ــــ ـــــ ـــ ــ ـــــ ــــ ـــ ــ ــــــ ـــ ــــــــ ـــ ـــــ ــ ــــ ــــــ ـــ ــــ ــ ـــــ ـــ ــــ ـــــ ــ ــــ ـــ ـــــ ــــ ــ ـــ ــــ ـــــ ـــ ــ ـــــ ــــ ـــ ــ ــــــ ـــ ــــــــ ـــ ـــــ ــ ــــ ــــــ ـــ ــــ ــ ـــــ ـــ ــــ ـــــ ــ ــــ ـــ ـــــ
بیٹی کی حاضری
2
ــــ ـــ ـــــ ــ ــــ ــــــ ـــ ــــ ــ ـــــ ـــ ــــ ـــــ ــ ــــ ـــ ـــــ ــــ ــ ـــ ــــ ـــــ ـــ ــ ـــــ ــــ ـــ ــ ــــــ ـــ ــــــــ ـــ ـــــ ــ ــــ ــــــ ـــ ــــ ــ ـــــ ـــ ــــ ـــــ ــ ــــ ـــ ـــــ ــــ ــ ـــ ــــ ـــــ ـــ ــ ـــــ ــــ ـــ ــ ــــــ ـــ ــــــــ ـــ ـــــ ــ ــــ ــــــ ـــ ــــ ــ ـــــ ـــ ــــ ـــــ ــ ــــ ـــ ـــــ
وزیر صحت
3
ــــ ـــ ـــــ ــ ــــ ــــــ ـــ ــــ ــ ـــــ ـــ ــــ ـــــ ــ ــــ ـــ ـــــ ــــ ــ ـــ ــــ ـــــ ـــ ــ ـــــ ــــ ـــ ــ ــــــ ـــ ــــــــ ـــ ـــــ ــ ــــ ــــــ ـــ ــــ ــ ـــــ ـــ ــــ ـــــ ــ ــــ ـــ ـــــ ــــ ــ ـــ ــــ ـــــ ـــ ــ ـــــ ــــ ـــ ــ ــــــ ـــ ــــــــ ـــ ـــــ ــ ــــ ــــــ ـــ ــــ ــ ـــــ ـــ ــــ ـــــ ــ ــــ ـــ ـــــ
ــــ ـــ ـــــ ــ ــــ ــــــ ـــ ــــ ــ ـــــ ـــ ــــ ـــــ ــ ــــ ـــ ـــــ ــــ ــ ـــ ــــ ـــــ ـــ ــ
نمائش
ــــ ـــ ـــــ ــ ــــ ــــــ ـــ ــــ ــ ـــــ ـــ ــــ ـــــ ــ ــــ ـــ ـــــ ــــ ــ ـــ ــــ ـــــ ـــ ــ ـــــ ــــ ـــ ــ ــــــ ـــ ــــــــ ـــ ـــــ ــ ــــ ــــــ ـــ ــــ ــ ـــــ ـــ ــــ ـــــ ــ ــــ ـــ ـــــ ــــ ــ ـــ ــــ ـــــ ـــ ــ ـــــ ــــ ـــ ــ ــــــ ـــ ــــــــ ـــ ـــــ ــ ــــ ــــــ ـــ ــــ ــ ـــــ ـــ ــــ ـــــ ــ ــــ ـــ ـــــ ــــ ــ ـــ ــــ ـــــ ـــ ــ ـــــ ــــ ـــ ــ ــــــ ـــ
تقرر و تبادلے
0
ــــ ـــ ـــــ ــ ــــ ــــــ ـــ ــــ ــ ـــــ ـــ ــــ ـــــ ــ ــــ ـــ ـــــ ــــ ــ ـــ ــــ ـــــ ـــ ــ ـــــ ــــ ـــ ــ ــــــ ـــ ــــــــ ـــ ـــــ ــ ــــ ــــــ ـــ ــــ ــ ـــــ ـــ ــــ ـــــ ــ ــــ ـــ ـــــ ــــ ــ ـــ ــــ ـــــ ـــ ــ ـــــ ــــ ـــ ــ ــــــ ـــ ــــــــ ـــ ـــــ ــ ــــ ــــــ ـــ ــــ ــ ـــــ ـــ ــــ ـــــ ــ ــــ ـــ ـــــ ــــ ــ ـــ ــــ ـــــ ـــ ــ ـــــ ــــ ـــ ــ ــــــ ـــ
اغوا
1
ــــ ـــ ـــــ ــ ــــ ــــــ ـــ ــــ ــ ـــــ ـــ ــــ ـــــ ــ ــــ ـــ ـــــ ــــ ــ ـــ ــــ ـــــ ـــ ــ ـــــ ــــ ـــ ــ ــــــ ـــ ــــــــ ـــ ـــــ ــ ــــ ــــــ ـــ ــــ ــ ـــــ ـــ ــــ ـــــ ــ ــــ ـــ ـــــ ــــ ــ ـــ ــــ ـــــ ـــ ــ ـــــ ــــ ـــ ــ ــــــ ـــ ــــــــ ـــ ـــــ ــ ــــ ــــــ ـــ ــــ ــ ـــــ ـــ ــــ ـــــ ــ ــــ ـــ ـــــ ــــ ــ ـــ ــــ ـــــ ـــ ــ ـــــ ــــ ـــ ــ ــــــ ـــ
مستر گرین
2
ــــ ـــ ـــــ ــ ــــ ــــــ ـــ ــــ ــ ـــــ ـــ ــــ ـــــ ــ ــــ ـــ ـــــ ــــ ــ ـــ ــــ ـــــ ـــ ــ ـــــ ــــ ـــ ــ ــــــ ـــ ــــــــ ـــ ـــــ ــ ــــ ــــــ ـــ ــــ ــ ـــــ ـــ ــــ ـــــ ــ ــــ ـــ ـــــ ــــ ــ ـــ ــــ ـــــ ـــ ــ ـــــ ــــ ـــ ــ ــــــ ـــ ــــــــ ـــ ـــــ ــ ــــ ــــــ ـــ ــــ ــ ـــــ ـــ ــــ ـــــ ــ ــــ ـــ ـــــ ــــ ــ ـــ ــــ ـــــ ـــ ــ ـــــ ــــ ـــ ــ ــــــ ـــ
جاری
3
ــــ ـــ ـــــ ــ ــــ ــــــ ـــ ــــ ــ ـــــ ـــ ــــ ـــــ ــ ــــ ـــ ـــــ ــــ ــ ـــ ــــ ـــــ ـــ ــ ـــــ ــــ ـــ ــ ــــــ ـــ ــــــــ ـــ ـــــ ــ ــــ ــــــ ـــ ــــ ــ ـــــ ـــ ــــ ـــــ ــ ــــ ـــ ـــــ ــــ ــ ـــ ــــ ـــــ ـــ ــ ـــــ ــــ ـــ ــ ــــــ ـــ ــــــــ ـــ ـــــ ــ ــــ ــــــ ـــ ــــ ــ ـــــ ـــ ــــ ـــــ ــ ــــ ـــ ـــــ ــــ ــ ـــ ــــ ـــــ ـــ ــ ـــــ ــــ ـــ ــ ــــــ ـــ
صفدر ساہی
4
ــــ ـــ ـــــ ــ ــــ ــــــ ـــ ــــ ــ ـــــ ـــ ــــ ـــــ ــ ــــ ـــ ـــــ ــــ ــ ـــ ــــ ـــــ ـــ ــ ـــــ ــــ ـــ ــ ــــــ ـــ ــــــــ ـــ ـــــ ــ ــــ ــــــ ـــ ــــ ــ ـــــ ـــ ــــ ـــــ ــ ــــ ـــ ـــــ ــــ ــ ـــ ــــ ـــــ ـــ ــ ـــــ ــــ ـــ ــ ــــــ ـــ ــــــــ ـــ ـــــ ــ ــــ ــــــ ـــ ــــ ــ ـــــ ـــ ــــ ـــــ ــ ــــ ـــ ـــــ ــــ ــ ـــ ــــ ـــــ ـــ ــ ـــــ ــــ ـــ ــ ــــــ ـــ
مطالبہ
5
ــــ ـــ ـــــ ــ ــــ ــــــ ـــ ــــ ــ ـــــ ـــ ــــ ـــــ ــ ــــ ـــ ـــــ ــــ ــ ـــ ــــ ـــــ ـــ ــ ـــــ ــــ ـــ ــ ــــــ ـــ ــــــــ ـــ ـــــ ــ ــــ ــــــ ـــ ــــ ــ ـــــ ـــ ــــ ـــــ ــ ــــ ـــ ـــــ ــــ ــ ـــ ــــ ـــــ ـــ ــ ـــــ ــــ ـــ ــ ــــــ ـــ ــــــــ ـــ ـــــ ــ ــــ ــــــ ـــ ــــ ــ ـــــ ـــ ــــ ـــــ ــ ــــ ـــ ـــــ ــــ ــ ـــ ــــ ـــــ ـــ ــ ـــــ ــــ ـــ ــ ــــــ ـــ
ریلی
6
ــــ ـــ ـــــ ــ ــــ ــــــ ـــ ــــ ــ ـــــ ـــ ــــ ـــــ ــ ــــ ـــ ـــــ ــــ ــ ـــ ــــ ـــــ ـــ ــ ـــــ ــــ ـــ ــ ــــــ ـــ ــــــــ ـــ ـــــ ــ ــــ ــــــ ـــ ــــ ــ ـــــ ـــ ــــ ـــــ ــ ــــ ـــ ـــــ ــــ ــ ـــ ــــ ـــــ ـــ ــ ـــــ ــــ ـــ ــ ــــــ ـــ ــــــــ ـــ ـــــ ــ ــــ ــــــ ـــ ــــ ــ ـــــ ـــ ــــ ـــــ ــ ــــ ـــ ـــــ ــــ ــ ـــ ــــ ـــــ ـــ ــ ـــــ ــــ ـــ ــ ــــــ ـــ
مذاکرات
7
ــــ ـــ ـــــ ــ ــــ ــــــ ـــ ــــ ــ ـــــ ـــ ــــ ـــــ ــ ــــ ـــ ـــــ ــــ ــ ـــ ــــ ـــــ ـــ ــ ـــــ ــــ ـــ ــ ــــــ ـــ ــــــــ ـــ ـــــ ــ ــــ ــــــ ـــ ــــ ــ ـــــ ـــ ــــ ـــــ ــ ــــ ـــ ـــــ ــــ ــ ـــ ــــ ـــــ ـــ ــ ـــــ ــــ ـــ ــ ــــــ ـــ ــــــــ ـــ ـــــ ــ ــــ ــــــ ـــ ــــ ــ ـــــ ـــ ــــ ـــــ ــ ــــ ـــ ـــــ ــــ ــ ـــ ــــ ـــــ ـــ ــ ـــــ ــــ ـــ ــ ــــــ ـــ
شٹیابہ فرش
8
ــــ ـــ ـــــ ــ ــــ ــــــ ـــ ــــ ــ ـــــ ـــ ــــ ـــــ ــ ــــ ـــ ـــــ ــــ ــ ـــ ــــ ـــــ ـــ ــ ـــــ ــــ ـــ ــ ــــــ ـــ ــــــــ ـــ ـــــ ــ ــــ ــــــ ـــ ــــ ــ ـــــ ـــ ــــ ـــــ ــ ــــ ـــ ـــــ ــــ ــ ـــ ــــ ـــــ ـــ ــ ـــــ ــــ ـــ ــ ــــــ ـــ ــــــــ ـــ ـــــ ــ ــــ ــــــ ـــ ــــ ــ ـــــ ـــ ــــ ـــــ ــ ــــ ـــ ـــــ ــــ ــ ـــ ــــ ـــــ ـــ ــ ـــــ ــــ ـــ ــ ــــــ ـــ
3 اغوا
9
ــــ ـــ ـــــ ــ ــــ ــــــ ـــ ــــ ــ ـــــ ـــ ــــ ـــــ ــ ــــ ـــ ـــــ ــــ ــ ـــ ــــ ـــــ ـــ ــ ـــــ ــــ ـــ ــ ــــــ ـــ ــــــــ ـــ ـــــ ــ ــــ ــــــ ـــ ــــ ــ ـــــ ـــ ــــ ـــــ ــ ــــ ـــ ـــــ ــــ ــ ـــ ــــ ـــــ ـــ ــ ـــــ ــــ ـــ ــ ــــــ ـــ ــــــــ ـــ ـــــ ــ ــــ ــــــ ـــ ــــ ــ ـــــ ـــ ــــ ـــــ ــ ــــ ـــ ـــــ ــــ ــ ـــ ــــ ـــــ ـــ ــ ـــــ ــــ ـــ ــ ــــــ ـــ
CLASSIFIED	کلاسیفائیڈ
کورٹ نوٹس
ــــ ـــ ـــــ ــ ــــ ــــــ ـــ ــــ ــ ـــــ ـــ ــــ ـــــ ــ ــــ ـــ ـــــ ــــ ــ ـــ ــــ ـــــ ـــ ــ ـــــ ــــ ـــ ــ ــــــ ـــ ــــــــ ـــ ـــــ ــ ــــ ــــــ ـــ ــــ ــ ـــــ ـــ ــــ ـــــ ــ ــــ ـــ ـــــ ــــ ــ ـــ ــــ ـــــ ـــ ــ ـــــ ــــ ـــ ــ ــــــ ـــ ــــــــ ـــ ـــــ ــ ــــ ــــــ ـــ ــــ ــ ـــــ ـــ ــــ ـــــ ــ ــــ ـــ ـــــ ــــ ــ ـــ ــــ ـــــ ـــ ــ ـــــ ــــ ـــ ــ ــــــ ـــ ــــــــ ـــ
30851551
ــــ ـــ ـــــ ــ ــــ ــــــ ـــ ــــ ــ ـــــ ـــ ــــ ـــــ ــ ــــ ـــ ـــــ ــــ ــ ـــ ــــ ـــــ ـــ ــ ـــــ ــــ ـــ ــ ــــــ ـــ ــــــــ ـــ ـــــ ــ ــــ ــــــ ـــ ــــ ــ ـــــ ـــ ــــ ـــــ ــ ــــ ـــ ـــــ ــــ ــ ـــ ــــ ـــــ ـــ ــ ـــــ ــــ ـــ ــ ــــــ ـــ ــــــــ ـــ ـــــ ــ ــــ ــــــ ـــ ــــ ــ ـــــ ـــ ــــ ـــــ ــ ــــ ـــ ـــــ ــــ ــ ـــ ــــ ـــــ ـــ ــ ـــــ ــــ ـــ ــ ــــــ ـــ ــــــــ ـــ
30851552
ــــ ـــ ـــــ ــ ــــ ــــــ ـــ ــــ ــ ـــــ ـــ ــــ ـــــ ــ ــــ ـــ ـــــ ــــ ــ ـــ ــــ ـــــ ـــ ــ ـــــ ــــ ـــ ــ ــــــ ـــ ــــــــ ـــ ـــــ ــ ــــ ــــــ ـــ ــــ ــ ـــــ ـــ ــــ ـــــ ــ ــــ ـــ ـــــ ــــ ــ ـــ ــــ ـــــ ـــ ــ ـــــ ــــ ـــ ــ ــــــ ـــ ــــــــ ـــ ـــــ ــ ــــ ــــــ ـــ ــــ ــ ـــــ ـــ ــــ ـــــ ــ ــــ ـــ ـــــ ــــ ــ ـــ ــــ ـــــ ـــ ــ ـــــ ــــ ـــ ــ ــــــ ـــ ــــــــ ـــ
30851612
فائرنگ
1
ــــ ـــ ـــــ ــ ــــ ــــــ ـــ ــــ ــ ـــــ ـــ ــــ ـــــ ــ ــــ ـــ ـــــ ــــ ــ ـــ ــــ ـــــ ـــ ــ ـــــ ــــ ـــ ــ ــــــ ـــ ــــــــ ـــ ـــــ ــ ــــ ــــــ ـــ ــــ ــ ـــــ ـــ ــــ ـــــ ــ ــــ ـــ ـــــ ــــ ــ ـــ ــــ ـــــ ـــ ــ ـــــ ــــ ـــ ــ ــــــ ـــ ــــــــ ـــ ـــــ ــ
سی ٹی او
2
ــــ ـــ ـــــ ــ ــــ ــــــ ـــ ــــ ــ ـــــ ـــ ــــ ـــــ ــ ــــ ـــ ـــــ ــــ ــ ـــ ــــ ـــــ ـــ ــ ـــــ ــــ ـــ ــ ــــــ ـــ ــــــــ ـــ ـــــ ــ ــــ ــــــ ـــ ــــ ــ ـــــ ـــ ــــ ـــــ ــ ــــ ـــ ـــــ ــــ ــ ـــ ــــ ـــــ ـــ ــ ـــــ ــــ ـــ ــ ــــــ ـــ ــــــــ ـــ ـــــ ــ
ڈکیتی
3
ــــ ـــ ـــــ ــ ــــ ــــــ ـــ ــــ ــ ـــــ ـــ ــــ ـــــ ــ ــــ ـــ ـــــ ــــ ــ ـــ ــــ ـــــ ـــ ــ ـــــ ــــ ـــ ــ ــــــ ـــ ــــــــ ـــ ـــــ ــ ــــ ــــــ ـــ ــــ ــ ـــــ ـــ ــــ ـــــ ــ ــــ ـــ ـــــ ــــ ــ ـــ ــــ ـــــ ـــ ــ ـــــ ــــ ـــ ــ ــــــ ـــ ــــــــ ـــ ـــــ ــ
شوکاز نوٹس
4
ــــ ـــ ـــــ ــ ــــ ــــــ ـــ ــــ ــ ـــــ ـــ ــــ ـــــ ــ ــــ ـــ ـــــ ــــ ــ ـــ ــــ ـــــ ـــ ــ ـــــ ــــ ـــ ــ ــــــ ـــ ــــــــ ـــ ـــــ ــ ــــ ــــــ
151-9252610
20896550
ــــ ـــ ـــــ ــ ــــ ــــــ ـــ ــــ ــ ـــــ ـــ ــــ ـــــ ــ ــــ ـــ ـــــ ــــ
بہبود آبادی اجلاس
5
ــــ ـــ ـــــ ــ ــــ ــــــ ـــ ــــ ــ ـــــ ـــ ــــ ـــــ ــ ــــ ـــ ـــــ ــــ ــ ـــ ــــ ـــــ ـــ ــ ـــــ ــــ ـــ ــ ــــــ ـــ ــــــــ ـــ ـــــ ــ ــــ ــــــ ـــ ــــ ــ ـــــ ـــ ــــ ـــــ ــ ــــ ـــ ـــــ ــــ ــ ـــ ــــ ـــــ ـــ ــ ـــــ ــــ ـــ ــ ــــــ ـــ ــــــــ ـــ ـــــ ــ
انجمن تاجران
6
ــــ ـــ ـــــ ــ ــــ ــــــ ـــ ــــ ــ ـــــ ـــ ــــ ـــــ ــ ــــ ـــ ـــــ ــــ ــ ـــ ــــ ـــــ ـــ ــ ـــــ ــــ ـــ ــ ــــــ ـــ ــــــــ ـــ ـــــ ــ ــــ ــــــ ـــ ــــ ــ ـــــ ـــ ــــ ـــــ ــ ــــ ـــ ـــــ ــــ ــ ـــ ــــ ـــــ ـــ ــ ـــــ ــــ ـــ ــ ــــــ ـــ ــــــــ ـــ ـــــ ــ
ڈاکٹر قیصر عباس
7
ــــ ـــ ـــــ ــ ــــ ــــــ ـــ ــــ ــ ـــــ ـــ ــــ ـــــ ــ ــــ ـــ ـــــ ــــ ــ ـــ ــــ ـــــ ـــ ــ ـــــ ــــ ـــ ــ ــــــ ـــ ــــــــ ـــ ـــــ ــ ــــ ــــــ ـــ ــــ ــ ـــــ ـــ ــــ ـــــ ــ ــــ ـــ ـــــ ــــ ــ ـــ ــــ ـــــ ـــ ــ ـــــ ــــ ـــ ــ ــــــ ـــ ــــــــ ـــ ـــــ ــ
آپریشن جاری
8
ــــ ـــ ـــــ ــ ــــ ــــــ ـــ ــــ ــ ـــــ ـــ ــــ ـــــ ــ ــــ ـــ ـــــ ــــ ــ ـــ ــــ ـــــ ـــ ــ ـــــ ــــ ـــ ــ ــــــ ـــ ــــــــ ـــ ـــــ ــ ــــ ــــــ ـــ ــــ ــ ـــــ ـــ ــــ ـــــ ــ ــــ ـــ ـــــ ــــ ــ ـــ ــــ ـــــ ـــ ــ ـــــ ــــ ـــ ــ ــــــ ـــ ــــــــ ـــ ـــــ ــ
اطلاع عام
ــــ ـــ ـــــ ــ ــــ ــــــ ـــ ــــ ــ ـــــ ـــ ــــ ـــــ ــ ــــ ـــ ـــــ ــــ ــ ـــ ــــ ـــــ ـــ ــ ـــــ ــــ ـــ ــ ــــــ ـــ ــــــــ ـــ ـــــ ــ ــــ ــــــ ـــ ــــ ــ ـــــ ـــ ــــ ـــــ ــ ــــ ـــ ـــــ ــــ ــ ـــ ــــ ـــــ ـــ ــ ـــــ ــــ ـــ ــ ــــــ ـــ ــــــــ ـــ ـــــ ــ ــــ ــــــ ـــ ــــ ــ ـــــ ـــ ــــ ـــــ ــ ــــ ـــ ـــــ ــــ ــ ـــ
30851570
ــــ ـــ ـــــ ــ ــــ ــــــ ـــ ــــ ــ ـــــ ـــ ــــ ـــــ ــ ــــ ـــ ـــــ ــــ ــ ـــ ــــ ـــــ ـــ ــ ـــــ ــــ ـــ ــ ــــــ ـــ ــــــــ ـــ ـــــ ــ ــــ ــــــ ـــ ــــ ــ ـــــ ـــ ــــ ـــــ ــ ــــ ـــ ـــــ ــــ ــ ـــ ــــ ـــــ ـــ ــ ـــــ ــــ ـــ ــ ــــــ ـــ ــــــــ ـــ ـــــ ــ ــــ ــــــ ـــ ــــ ــ ـــــ ـــ ــــ ـــــ ــ ــــ ـــ ـــــ ــــ ــ ـــ
30851571
ــــ ـــ ـــــ ــ ــــ ــــــ ـــ ــــ ــ ـــــ ـــ ــــ ـــــ ــ ــــ ـــ ـــــ ــــ ــ ـــ ــــ ـــــ ـــ ــ ـــــ ــــ ـــ ــ ــــــ ـــ ــــــــ ـــ ـــــ ــ ــــ ــــــ ـــ ــــ ــ ـــــ ـــ ــــ ـــــ ــ ــــ ـــ ـــــ ــــ ــ ـــ ــــ ـــــ ـــ ــ ـــــ ــــ ـــ ــ ــــــ ـــ ــــــــ ـــ ـــــ ــ ــــ ــــــ ـــ ــــ ــ ـــــ ـــ ــــ ـــــ ــ ــــ ـــ ـــــ ــــ ــ ـــ
30851572
ــــ ـــ ـــــ ــ ــــ ــــــ ـــ ــــ ــ ـــــ ـــ ــــ ـــــ ــ ــــ ـــ ـــــ ــــ ــ ـــ ــــ ـــــ ـــ ــ ـــــ ــــ ـــ ــ ــــــ ـــ ــــــــ ـــ ـــــ ــ ــــ ــــــ ـــ ــــ ــ ـــــ ـــ ــــ ـــــ ــ ــــ ـــ ـــــ ــــ ــ ـــ ــــ ـــــ ـــ ــ ـــــ ــــ ـــ ــ ــــــ ـــ ــــــــ ـــ ـــــ ــ ــــ ــــــ ـــ ــــ ــ ـــــ ـــ
30851589
ــــ ـــ ـــــ ــ ــــ ــــــ ـــ ــــ ــ ـــــ ـــ ــــ ـــــ ــ ــــ ـــ ـــــ ــــ ــ ـــ ــــ ـــــ ـــ ــ ـــــ ــــ ـــ ــ ــــــ ـــ ــــــــ ـــ ـــــ ــ ــــ ــــــ ـــ ــــ ــ ـــــ ـــ ــــ ـــــ ــ ــــ ـــ ـــــ ــــ ــ ـــ ــــ ـــــ ـــ ــ ـــــ ــــ ـــ ــ ــــــ ـــ ــــــــ ـــ ـــــ ــ ــــ ــــــ ـــ ــــ ــ ـــــ ـــ
30851591
ــــ ـــ ـــــ ــ ــــ ــــــ ـــ ــــ ــ ـــــ ـــ ــــ ـــــ ــ ــــ ـــ ـــــ ــــ ــ ـــ ــــ ـــــ ـــ ــ ـــــ ــــ ـــ ــ ــــــ ـــ ــــــــ ـــ ـــــ ــ ــــ ــــــ ـــ ــــ ــ ـــــ ـــ ــــ ـــــ ــ ــــ ـــ ـــــ ــــ ــ ـــ ــــ ـــــ ـــ ــ ـــــ ــــ ـــ ــ ــــــ ـــ ــــــــ ـــ ـــــ ــ ــــ ــــــ ـــ ــــ ــ ـــــ ـــ
30851597
ــــ ـــ ـــــ ــ ــــ ــــــ ـــ ــــ ــ ـــــ ـــ ــــ ـــــ ــ ــــ ـــ ـــــ ــــ ــ ـــ ــــ ـــــ ـــ ــ ـــــ ــــ ـــ ــ ــــــ ـــ ــــــــ ـــ ـــــ ــ ــــ ــــــ ـــ ــــ ــ ـــــ ـــ ــــ ـــــ ــ ــــ ـــ ـــــ ــــ ــ ـــ ــــ ـــــ ـــ ــ ـــــ ــــ ـــ ــ ــــــ ـــ ــــــــ ـــ ـــــ ــ ــــ ــــــ ـــ ــــ ــ ـــــ ـــ
30851615
کورٹ نوٹس
ــــ ـــ ـــــ ــ ــــ ــــــ ـــ ــــ ــ ـــــ ـــ ــــ ـــــ ــ ــــ ـــ ـــــ ــــ ــ ـــ ــــ ـــــ ـــ ــ ـــــ ــــ ـــ ــ ــــــ ـــ ــــــــ ـــ ـــــ ــ ــــ ــــــ ـــ ــــ ــ ـــــ ـــ ــــ ـــــ ــ ــــ ـــ ـــــ ــــ ــ ـــ ــــ ـــــ ـــ ــ ـــــ ــــ ـــ ــ ــــــ ـــ ــــــــ ـــ ـــــ ــ ــــ ــــــ ـــ ــــ ــ ـــــ ـــ
30851616
ــــ ـــ ـــــ ــ ــــ ــــــ ـــ ــــ ــ ـــــ ـــ ــــ ـــــ ــ ــــ ـــ ـــــ ــــ ــ ـــ ــــ ـــــ ـــ ــ ـــــ ــــ ـــ ــ ــــــ ـــ ــــــــ ـــ ـــــ ــ ــــ ــــــ ـــ ــــ ــ ـــــ ـــ ــــ ـــــ ــ ــــ ـــ ـــــ ــــ ــ ـــ ــــ ـــــ ـــ ــ ـــــ ــــ ـــ ــ ــــــ ـــ ــــــــ ـــ ـــــ ــ ــــ ــــــ ـــ ــــ ــ ـــــ ـــ
30851617
ــــ ـــ ـــــ ــ ــــ ــــــ ـــ ــــ ــ ـــــ ـــ ــــ ـــــ ــ ــــ ـــ ـــــ ــــ ــ ـــ ــــ ـــــ ـــ ــ ـــــ ــــ ـــ ــ ــــــ ـــ ــــــــ ـــ ـــــ ــ ــــ ــــــ ـــ ــــ ــ ـــــ ـــ ــــ ـــــ ــ ــــ ـــ ـــــ ــــ ــ ـــ ــــ ـــــ ـــ ــ ـــــ ــــ ـــ ــ ــــــ ـــ ــــــــ ـــ ـــــ ــ ــــ ــــــ ـــ ــــ ــ ـــــ ـــ
30851618
ــــ ـــ ـــــ ــ ــــ ــــــ ـــ ــــ ــ ـــــ ـــ ــــ ـــــ ــ ــــ ـــ ـــــ ــــ ــ ـــ ــــ ـــــ ـــ ــ ـــــ ــــ ـــ ــ ــــــ ـــ ــــــــ ـــ ـــــ ــ ــــ ــــــ ـــ ــــ ــ ـــــ ـــ ــــ ـــــ ــ ــــ ـــ ـــــ ــــ ــ ـــ ــــ ـــــ ـــ ــ ـــــ ــــ ـــ ــ ــــــ ـــ ــــــــ ـــ ـــــ ــ ــــ ــــــ ـــ ــــ ــ ـــــ ـــ
30851619
ــــ ـــ ـــــ ــ ــــ ــــــ ـــ ــــ ــ ـــــ ـــ ــــ ـــــ ــ ــــ ـــ ـــــ ــــ ــ ـــ ــــ ـــــ ـــ ــ ـــــ ــــ ـــ ــ ــــــ ـــ ــــــــ ـــ ـــــ ــ ــــ ــــــ ـــ ــــ ــ ـــــ ـــ ــــ ـــــ ــ ــــ ـــ ـــــ ــــ ــ ـــ ــــ ـــــ ـــ ــ ـــــ ــــ ـــ ــ ــــــ ـــ ــــــــ ـــ ـــــ ــ ــــ ــــــ ـــ ــــ ــ ـــــ ـــ
30851620
ــــ ـــ ـــــ ــ ــــ ــــــ ـــ ــــ ــ ـــــ ـــ ــــ ـــــ ــ ــــ ـــ ـــــ ــــ ــ ـــ ــــ ـــــ ـــ ــ ـــــ ــــ ـــ ــ ــــــ ـــ ــــــــ ـــ ـــــ ــ ــــ ــــــ ـــ ــــ ــ ـــــ ـــ ــــ ـــــ ــ ــــ ـــ ـــــ ــــ ــ ـــ ــــ ـــــ ـــ ــ ـــــ ــــ ـــ ــ ــــــ ـــ ــــــــ ـــ ـــــ ــ ــــ ــــــ ـــ ــــ ــ ـــــ ـــ
30851621
ضرورت ہے
ملتان شہروں سے ارجنٹ میل فی میل
ــــ ـــ ـــــ ــ ــــ ــــــ ـــ ــــ ــ ـــــ ـــ ــــ ـــــ ــ ــــ ـــ ـــــ ــــ ــ ـــ ــــ ـــــ ـــ ــ ـــــ ــــ ـــ ــ
0326-5925789
30851606
ارجنٹ سٹاف آل پاکستان میل فی میل
ــــ ـــ ـــــ ــ ــــ ــــــ ـــ ــــ ــ ـــــ ـــ ــــ ـــــ ــ ــــ ـــ ـــــ ــــ ــ ـــ ــــ ـــــ ـــ ــ ـــــ ــــ ـــ ــ
0305-6174124-0342-4465846
30851605
ضرورت فنکار دلالر
ــــ ـــ ـــــ ــ ــــ ــــــ ـــ ــــ ــ ـــــ ـــ ــــ ـــــ ــ ــــ ـــ ـــــ ــــ ــ ـــ ــــ ـــــ ـــ ــ ـــــ ــــ ـــ ــ
0303-9951314
30851607
ضرورت فنکار دلالر
ــــ ـــ ـــــ ــ ــــ ــــــ ـــ ــــ ــ ـــــ ـــ ــــ ـــــ ــ ــــ ـــ ـــــ ــــ ــ ـــ ــــ ـــــ ـــ ــ ـــــ ــــ ـــ ــ
03253887278
30851608
ضرورت فنکار دلالر
ــــ ـــ ـــــ ــ ــــ ــــــ ـــ ــــ ــ ـــــ ـــ ــــ ـــــ ــ ــــ ـــ ـــــ ــــ ــ ـــ ــــ ـــــ ـــ ــ ـــــ ــــ ـــ ــ
0325-1997146
30851609
ضرورت رشتہ
ــــ ـــ ـــــ ــ ــــ ــــــ ـــ ــــ ــ ـــــ ـــ ــــ ـــــ ــ ــــ ـــ ـــــ ــــ ــ ـــ ــــ ـــــ ـــ ــ ـــــ ــــ ـــ ــ
0300-9676797
30851610
ضرورت رشتہ 40 سالہ بیوہ
ــــ ـــ ـــــ ــ ــــ ــــــ ـــ ــــ ــ ـــــ ـــ ــــ ـــــ ــ ــــ ـــ ـــــ ــــ ــ ـــ ــــ ـــــ ـــ ــ ـــــ ــــ ـــ ــ
0326-5945322
30851611
عاق نامہ
ــــ ـــ ـــــ ــ ــــ ــــــ ـــ ــــ ــ ـــــ ـــ ــــ ـــــ ــ ــــ ـــ ـــــ ــــ ــ ـــ ــــ ـــــ ـــ ــ ـــــ ــــ ـــ ــ
30851622
اطلاع عام
ــــ ـــ ـــــ ــ ــــ ــــــ ـــ ــــ ــ ـــــ ـــ ــــ ـــــ ــ ــــ ـــ ـــــ ــــ ــ ـــ ــــ ـــــ ـــ ــ ـــــ ــــ ـــ ــ
0300-6566299
30851574
ــــ ـــ ـــــ ــ ــــ ــــــ ـــ ــــ ــ ـــــ ـــ ــــ ـــــ ــ ــــ ـــ ـــــ ــــ ــ ـــ ــــ ـــــ ـــ ــ ـــــ ــــ ـــ ــ ــــــ ـــ ــــــــ ـــ ـــــ ــ ــــ ــــــ ـــ ــــ ــ ـــــ ـــ
30851590
ــــ ـــ ـــــ ــ ــــ ــــــ ـــ ــــ ــ ـــــ ـــ ــــ ـــــ ــ ــــ ـــ ـــــ ــــ ــ ـــ ــــ ـــــ ـــ ــ ـــــ ــــ ـــ ــ ــــــ ـــ ــــــــ ـــ ـــــ ــ ــــ ــــــ ـــ ــــ ــ ـــــ ـــ
30851575
ــــ ـــ ـــــ ــ ــــ ــــــ ـــ ــــ ــ ـــــ ـــ ــــ ـــــ ــ ــــ ـــ ـــــ ــــ ــ ـــ ــــ ـــــ ـــ ــ ـــــ ــــ ـــ ــ ــــــ ـــ ــــــــ ـــ ـــــ ــ ــــ ــــــ ـــ ــــ ــ ـــــ ـــ
30851576
ــــ ـــ ـــــ ــ ــــ ــــــ ـــ ــــ ــ ـــــ ـــ ــــ ـــــ ــ ــــ ـــ ـــــ ــــ ــ ـــ ــــ ـــــ ـــ ــ ـــــ ــــ ـــ ــ ــــــ ـــ ــــــــ ـــ ـــــ ــ ــــ ــــــ ـــ ــــ ــ ـــــ ـــ
30851577
ــــ ـــ ـــــ ــ ــــ ــــــ ـــ ــــ ــ ـــــ ـــ ــــ ـــــ ــ ــــ ـــ ـــــ ــــ ــ ـــ ــــ ـــــ ـــ ــ ـــــ ــــ ـــ ــ ــــــ ـــ ــــــــ ـــ ـــــ ــ ــــ ــــــ ـــ ــــ ــ ـــــ ـــ
30851578
ــــ ـــ ـــــ ــ ــــ ــــــ ـــ ــــ ــ ـــــ ـــ ــــ ـــــ ــ ــــ ـــ ـــــ ــــ ــ ـــ ــــ ـــــ ـــ ــ ـــــ ــــ ـــ ــ ــــــ ـــ ــــــــ ـــ ـــــ ــ ــــ ــــــ ـــ ــــ ــ ـــــ ـــ
30851579
ــــ ـــ ـــــ ــ ــــ ــــــ ـــ ــــ ــ ـــــ ـــ ــــ ـــــ ــ ــــ ـــ ـــــ ــــ ــ ـــ ــــ ـــــ ـــ ــ ـــــ ــــ ـــ ــ ــــــ ـــ ــــــــ ـــ ـــــ ــ ــــ ــــــ ـــ ــــ ــ ـــــ ـــ
30851580
ــــ ـــ ـــــ ــ ــــ ــــــ ـــ ــــ ــ ـــــ ـــ ــــ ـــــ ــ ــــ ـــ ـــــ ــــ ــ ـــ ــــ ـــــ ـــ ــ ـــــ ــــ ـــ ــ ــــــ ـــ ــــــــ ـــ ـــــ ــ ــــ ــــــ ـــ ــــ ــ ـــــ ـــ
30851581
ــــ ـــ ـــــ ــ ــــ ــــــ ـــ ــــ ــ ـــــ ـــ ــــ ـــــ ــ ــــ ـــ ـــــ ــــ ــ ـــ ــــ ـــــ ـــ ــ ـــــ ــــ ـــ ــ ــــــ ـــ ــــــــ ـــ ـــــ ــ ــــ ــــــ ـــ ــــ ــ ـــــ ـــ
30851582
شرائط شتہر اشتہارات
ــــ ـــ ـــــ ــ ــــ ــــــ ـــ ــــ ــ ـــــ ـــ ــــ ـــــ ــ ــــ ـــ ـــــ ــــ ــ ـــ ــــ ـــــ ـــ ــ ـــــ ــــ ـــ ــ ــــــ ـــ ــــــــ ـــ ـــــ ــ ــــ ــــــ ـــ ــــ ــ ـــــ ـــ ــــ ـــــ ــ ــــ ـــ ـــــ ــــ ــ ـــ ــــ ـــــ ـــ ــ ـــــ ــــ ـــ ــ ــــــ ـــ ــــــــ ـــ ـــــ ــ ــــ ــــــ ـــ ــــ ــ ـــــ ـــ ــــ ـــــ ــ ــــ ـــ ـــــ ــــ ــ ـــ ــــ ـــــ ـــ ــ ـــــ ــــ ـــ ــ ــــــ ـــ ــــــــ ـــ ـــــ ــ ــــ ــــــ ـــ ــــ ــ
ایکسپریس کلاسیفائیڈ کی سہولت حاصل ہے
انچارج کلاسیفائیڈ ایکسپریس سرگودھا
0300-9604205
پلاٹ برائے فروخت
FMC,B-17
ــــ ـــ ـــــ ــ ــــ ــــــ ـــ ــــ ــ ـــــ ـــ ــــ ـــــ ــ ــــ ـــ
0334-7689197/0300-6877089
20895809
اسلام آباد گرین ایکسپریس F-14-1
ــــ ـــ ـــــ ــ ــــ ــــــ ـــ ــــ ــ ـــــ ـــ ــــ ـــــ ــ ــــ ـــ
0300-5203343/0333-5433491
20896483
نو ساہی زون لائف میڈیکل
ــــ ـــ ـــــ ــ ــــ ــــــ ـــ ــــ ــ ـــــ ـــ ــــ ـــــ ــ ــــ ـــ
0333-5279683
20896589
خرید و فروخت
Exchange
ــــ ـــ ـــــ ــ ــــ ــــــ ـــ ــــ ــ ـــــ ـــ ــــ ـــــ ــ ــــ ـــ
0331-5406143/0337-7775248
20896590
جائیداد برائے فروخت
Sargoda
ــــ ـــ ـــــ ــ ــــ ــــــ ـــ ــــ ــ ـــــ ـــ ــــ ـــــ ــ ــــ ـــ
0309-5802699
30851577
بزنس اپرچونٹی
ــــ ـــ ـــــ ــ ــــ ــــــ ـــ ــــ ــ ـــــ ـــ ــــ ـــــ ــ ــــ ـــ
0305-9672601
30851610
خوشخبری
ــــ ـــ ـــــ ــ ــــ ــــــ ـــ ــــ ــ ـــــ ـــ ــــ ـــــ ــ ــــ ـــ
0310-1909107
30851549
تمام مسائل کا حل
ــــ ـــ ـــــ ــ ــــ ــــــ ـــ ــــ ــ ـــــ ـــ ــــ ـــــ ــ ــــ ـــ
0309-6001896
30851550
تعلیم و تربیت
ــــ ـــ ـــــ ــ ــــ ــــــ ـــ ــــ ــ ـــــ ـــ ــــ ـــــ ــ ــــ ـــ
0311-5191387
20895424
ہیلتھ اینڈ فٹنس
ــــ ـــ ـــــ ــ ــــ ــــــ ـــ ــــ ــ ـــــ ـــ ــــ ـــــ ــ ــــ ـــ
0308-7584445
20896436
11 دن میں گھنے بال
ــــ ـــ ـــــ ــ ــــ ــــــ ـــ ــــ ــ ـــــ ـــ ــــ ـــــ ــ ــــ ـــ
0302-3776784
20896451
صرف 7 دن میں
ــــ ـــ ـــــ ــ ــــ ــــــ ـــ ــــ ــ ـــــ ـــ ــــ ـــــ ــ ــــ ـــ
0300-3545085
20893809
4 دن میں جسم
ــــ ـــ ـــــ ــ ــــ ــــــ ـــ ــــ ــ ـــــ ـــ ــــ ـــــ ــ ــــ ـــ
0300-5603210
20893839
3 دن میں
ــــ ـــ ـــــ ــ ــــ ــــــ ـــ ــــ ــ ـــــ ـــ ــــ ـــــ ــ ــــ ـــ
0300-2036219
20896421
ضرورت ہے
ــــ ـــ ـــــ ــ ــــ ــــــ ـــ ــــ ــ ـــــ ـــ ــــ ـــــ ــ ــــ ـــ
0346-1767235/0320-8977760
30851558
ارجنٹ سٹاف آفس ورک میل فی میل
ــــ ـــ ـــــ ــ ــــ ــــــ ـــ ــــ ــ ـــــ ـــ ــــ ـــــ ــ ــــ ـــ
03036270156-03497570410
30851604
